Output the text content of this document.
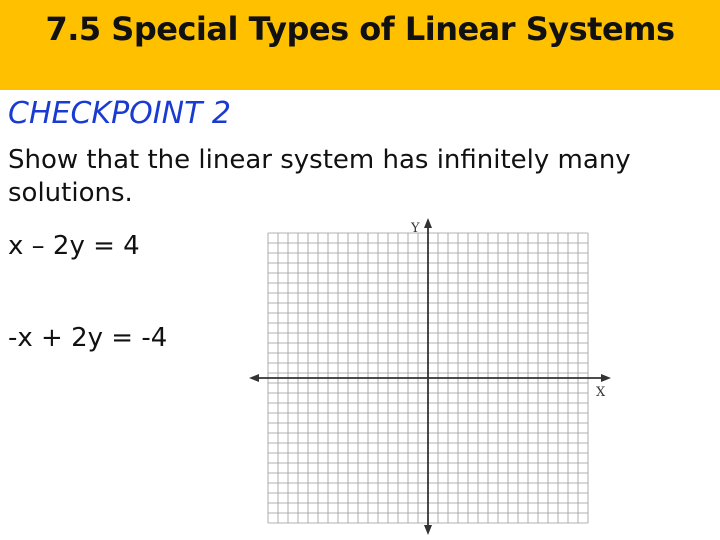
7.5 Special Types of Linear Systems
CHECKPOINT 2
Show that the linear system has infinitely many solutions.
x – 2y = 4
-x + 2y = -4
Y
X
